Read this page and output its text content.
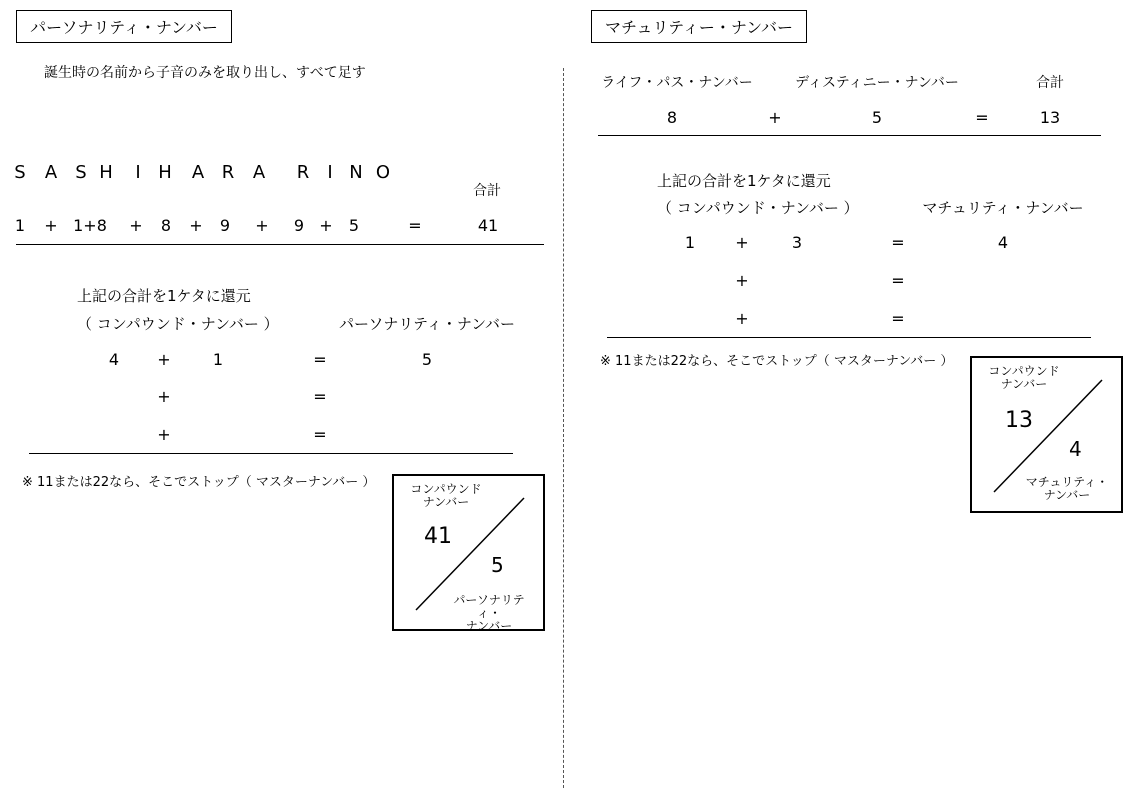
パーソナリティ・ナンバー
誕生時の名前から子音のみを取り出し、すべて足す
S A S H I H A R A R I N O
合計
1 + 1+8 + 8 + 9 + 9 + 5	=	41
上記の合計を1ケタに還元
（ コンパウンド・ナンバー ）	パーソナリティ・ナンバー
4 +	1	=	5
+	=
+	=
※ 11または22なら、そこでストップ（ マスターナンバー ）	コンパウンド
ナンバー
41
5
パーソナリティ・
ナンバー
マチュリティー・ナンバー
ライフ・パス・ナンバー	ディスティニー・ナンバー	合計
8	+	5	=	13
上記の合計を1ケタに還元
（ コンパウンド・ナンバー ）	マチュリティ・ナンバー
1	+	3	=	4
+	=
+	=
※ 11または22なら、そこでストップ（ マスターナンバー ）
コンパウンド
ナンバー
13
4
マチュリティ・
ナンバー
